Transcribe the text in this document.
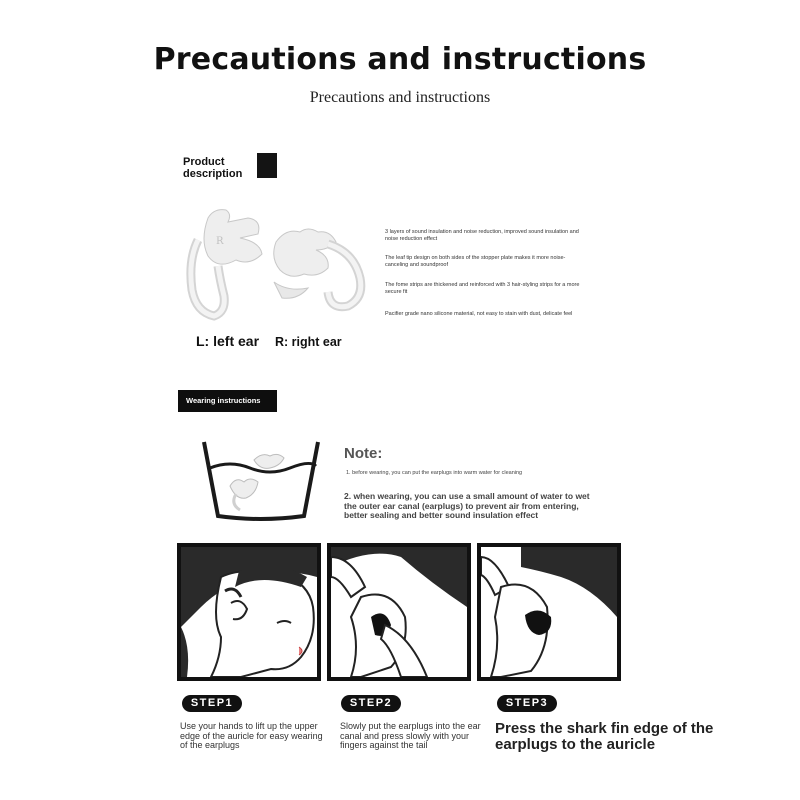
Precautions and instructions
Precautions and instructions
Product
description
R
3 layers of sound insulation and noise reduction, improved sound insulation and noise reduction effect
The leaf tip design on both sides of the stopper plate makes it more noise-canceling and soundproof
The fome strips are thickened and reinforced with 3 hair-styling strips for a more secure fit
Pacifier grade nano silicone material, not easy to stain with dust, delicate feel
L: left ear R: right ear
Wearing instructions
Note:
1. before wearing, you can put the earplugs into warm water for cleaning
2. when wearing, you can use a small amount of water to wet the outer ear canal (earplugs) to prevent air from entering, better sealing and better sound insulation effect
STEP1	STEP2	STEP3
Use your hands to lift up the upper edge of the auricle for easy wearing of the earplugs
Slowly put the earplugs into the ear canal and press slowly with your fingers against the tail
Press the shark fin edge of the earplugs to the auricle
